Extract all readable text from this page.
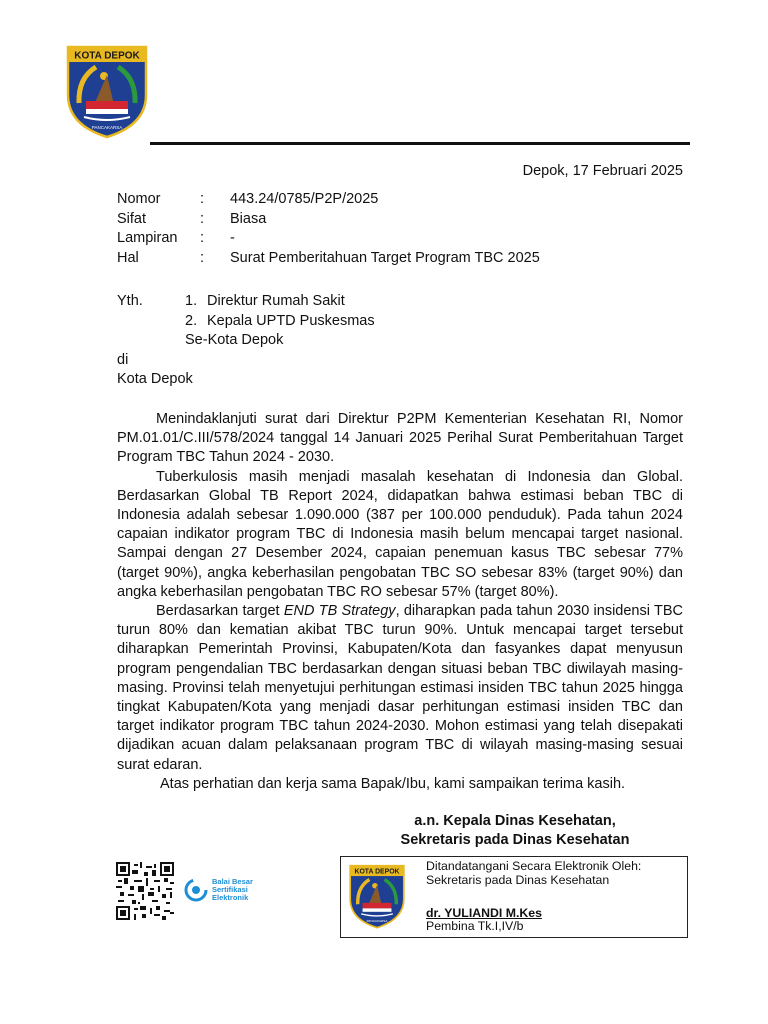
KOTA DEPOK
PANCAKARSA
Depok, 17 Februari 2025
Nomor	:	443.24/0785/P2P/2025
Sifat	:	Biasa
Lampiran	:	-
Hal	:	Surat Pemberitahuan Target Program TBC 2025
Yth.	1. Direktur Rumah Sakit
2. Kepala UPTD Puskesmas
Se-Kota Depok
di
Kota Depok

Menindaklanjuti surat dari Direktur P2PM Kementerian Kesehatan RI, Nomor PM.01.01/C.III/578/2024 tanggal 14 Januari 2025 Perihal Surat Pemberitahuan Target Program TBC Tahun 2024 - 2030.

Tuberkulosis masih menjadi masalah kesehatan di Indonesia dan Global. Berdasarkan Global TB Report 2024, didapatkan bahwa estimasi beban TBC di Indonesia adalah sebesar 1.090.000 (387 per 100.000 penduduk). Pada tahun 2024 capaian indikator program TBC di Indonesia masih belum mencapai target nasional. Sampai dengan 27 Desember 2024, capaian penemuan kasus TBC sebesar 77% (target 90%), angka keberhasilan pengobatan TBC SO sebesar 83% (target 90%) dan angka keberhasilan pengobatan TBC RO sebesar 57% (target 80%).

Berdasarkan target END TB Strategy, diharapkan pada tahun 2030 insidensi TBC turun 80% dan kematian akibat TBC turun 90%. Untuk mencapai target tersebut diharapkan Pemerintah Provinsi, Kabupaten/Kota dan fasyankes dapat menyusun program pengendalian TBC berdasarkan dengan situasi beban TBC diwilayah masing-masing. Provinsi telah menyetujui perhitungan estimasi insiden TBC tahun 2025 hingga tingkat Kabupaten/Kota yang menjadi dasar perhitungan estimasi insiden TBC dan target indikator program TBC tahun 2024-2030. Mohon estimasi yang telah disepakati dijadikan acuan dalam pelaksanaan program TBC di wilayah masing-masing sesuai surat edaran.

Atas perhatian dan kerja sama Bapak/Ibu, kami sampaikan terima kasih.

a.n. Kepala Dinas Kesehatan,
Sekretaris pada Dinas Kesehatan
Balai Besar
Sertifikasi
Elektronik
KOTA DEPOK
PANCAKARSA
Ditandatangani Secara Elektronik Oleh:
Sekretaris pada Dinas Kesehatan
dr. YULIANDI M.Kes
Pembina Tk.I,IV/b
